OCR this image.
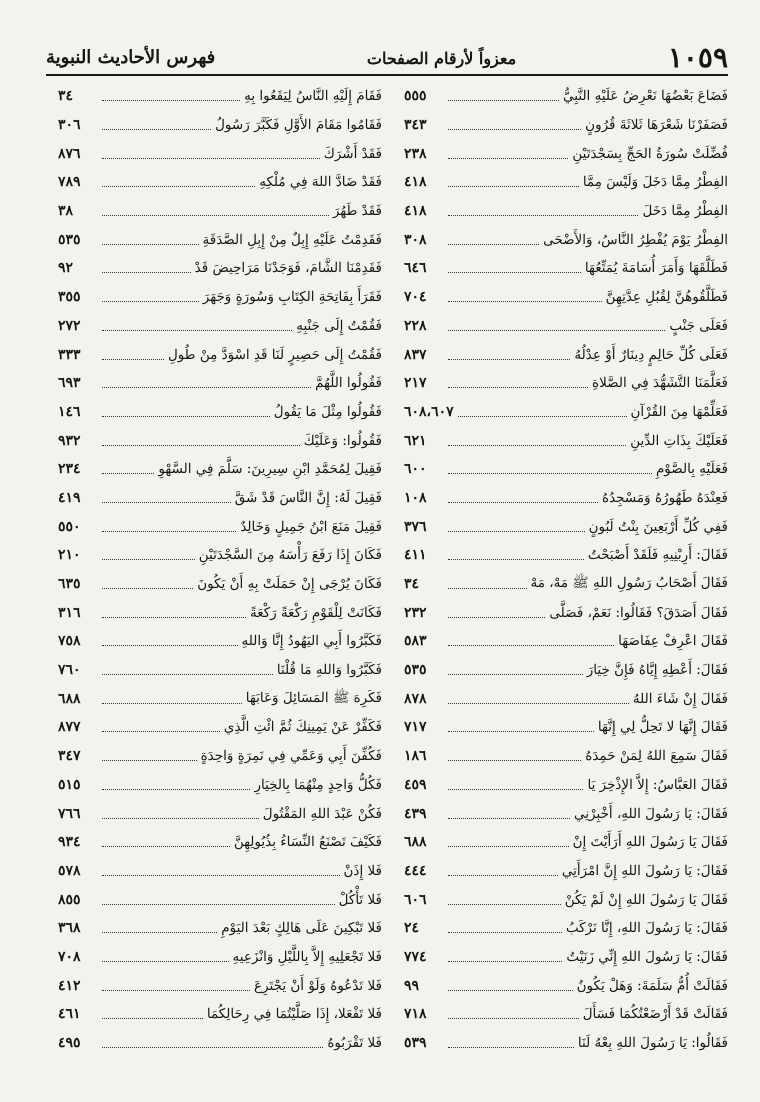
فهرس الأحاديث النبوية	معزواً لأرقام الصفحات	١٠٥٩
فَضَاعَ بَعْضُهَا نَعْرِضُ عَلَيْهِ النَّبِيُّ
٥٥٥
فَصَفَرْنَا شَعْرَهَا ثَلاثَةَ قُرُونٍ
٣٤٣
فُضِّلَتْ سُورَةُ الحَجِّ بِسَجْدَتَيْنِ
٢٣٨
الفِطْرُ مِمَّا دَخَلَ وَلَيْسَ مِمَّا
٤١٨
الفِطْرُ مِمَّا دَخَلَ
٤١٨
الفِطْرُ يَوْمَ يُفْطِرُ النَّاسُ، وَالأَضْحَى
٣٠٨
فَطَلَّقَهَا وَأَمَرَ أُسَامَةَ يُمَتِّعُهَا
٦٤٦
فَطَلَّقُوهُنَّ لِقُبُلِ عِدَّتِهِنَّ
٧٠٤
فَعَلَى جَنْبٍ
٢٢٨
فَعَلَى كُلِّ حَالِمٍ دِينَارٌ أَوْ عِدْلُهُ
٨٣٧
فَعَلَّمَنَا التَّشَهُّدَ فِي الصَّلاةِ
٢١٧
فَعَلِّمْهَا مِنَ القُرْآنِ
٦٠٨،٦٠٧
فَعَلَيْكَ بِذَاتِ الدِّينِ
٦٢١
فَعَلَيْهِ بِالصَّوْمِ
٦٠٠
فَعِنْدَهُ طَهُورُهُ وَمَسْجِدُهُ
١٠٨
فَفِي كُلِّ أَرْبَعِينَ بِنْتُ لَبُونٍ
٣٧٦
فَقَالَ: أَرِبْنِيهِ فَلَقَدْ أَصْبَحْتُ
٤١١
فَقَالَ أَصْحَابُ رَسُولِ اللهِ ﷺ مَهْ، مَهْ
٣٤
فَقَالَ أَصَدَقَ؟ فَقَالُوا: نَعَمْ، فَصَلَّى
٢٣٢
فَقَالَ اعْرِفْ عِفَاصَهَا
٥٨٣
فَقَالَ: أَعْطِهِ إِيَّاهُ فَإِنَّ خِيَارَ
٥٣٥
فَقَالَ إِنْ شَاءَ اللهُ
٨٧٨
فَقَالَ إِنَّهَا لا تَحِلُّ لِي إِنَّهَا
٧١٧
فَقَالَ سَمِعَ اللهُ لِمَنْ حَمِدَهُ
١٨٦
فَقَالَ العَبَّاسُ: إِلاَّ الإِذْخِرَ يَا
٤٥٩
فَقَالَ: يَا رَسُولَ اللهِ، أَخْبِرْنِي
٤٣٩
فَقَالَ يَا رَسُولَ اللهِ أَرَأَيْتَ إِنْ
٦٨٨
فَقَالَ: يَا رَسُولَ اللهِ إِنَّ امْرَأَتِي
٤٤٤
فَقَالَ يَا رَسُولَ اللهِ إِنْ لَمْ يَكُنْ
٦٠٦
فَقَالَ: يَا رَسُولَ اللهِ، إِنَّا نَرْكَبُ
٢٤
فَقَالَ: يَا رَسُولَ اللهِ إِنِّي زَنَيْتُ
٧٧٤
فَقَالَتْ أُمُّ سَلَمَةَ: وَهَلْ يَكُونُ
٩٩
فَقَالَتْ قَدْ أَرْضَعْتُكُمَا فَسَأَلَ
٧١٨
فَقَالُوا: يَا رَسُولَ اللهِ بِعْهُ لَنَا
٥٣٩
فَقَامَ إِلَيْهِ النَّاسُ لِيَقَعُوا بِهِ
٣٤
فَقَامُوا مَقَامَ الأَوَّلِ فَكَبَّرَ رَسُولُ
٣٠٦
فَقَدْ أَشْرَكَ
٨٧٦
فَقَدْ ضَادَّ اللهَ فِي مُلْكِهِ
٧٨٩
فَقَدْ طَهُرَ
٣٨
فَقَدِمْتُ عَلَيْهِ إِبِلٌ مِنْ إِبِلِ الصَّدَقَةِ
٥٣٥
فَقَدِمْنَا الشَّامَ، فَوَجَدْنَا مَرَاحِيضَ قَدْ
٩٢
فَقَرَأَ بِفَاتِحَةِ الكِتَابِ وَسُورَةٍ وَجَهَرَ
٣٥٥
فَقُمْتُ إِلَى جَنْبِهِ
٢٧٢
فَقُمْتُ إِلَى حَصِيرٍ لَنَا قَدِ اسْوَدَّ مِنْ طُولِ
٣٣٣
فَقُولُوا اللَّهُمَّ
٦٩٣
فَقُولُوا مِثْلَ مَا يَقُولُ
١٤٦
فَقُولُوا: وَعَلَيْكَ
٩٣٢
فَقِيلَ لِمُحَمَّدِ ابْنِ سِيرِينَ: سَلَّمَ فِي السَّهْوِ
٢٣٤
فَقِيلَ لَهُ: إِنَّ النَّاسَ قَدْ شَقَّ
٤١٩
فَقِيلَ مَنَعَ ابْنُ جَمِيلٍ وَخَالِدٌ
٥٥٠
فَكَانَ إِذَا رَفَعَ رَأْسَهُ مِنَ السَّجْدَتَيْنِ
٢١٠
فَكَانَ يُرْجَى إِنْ حَمَلَتْ بِهِ أَنْ يَكُونَ
٦٣٥
فَكَانَتْ لِلْقَوْمِ رَكْعَةً رَكْعَةً
٣١٦
فَكَبَّرُوا أَبِي اليَهُودُ إِنَّا وَاللهِ
٧٥٨
فَكَبَّرُوا وَاللهِ مَا قُلْنَا
٧٦٠
فَكَرِهَ ﷺ المَسَائِلَ وَعَابَهَا
٦٨٨
فَكَفِّرْ عَنْ يَمِينِكَ ثُمَّ ائْتِ الَّذِي
٨٧٧
فَكُفِّنَ أَبِي وَعَمِّي فِي نَمِرَةٍ وَاحِدَةٍ
٣٤٧
فَكُلُّ وَاحِدٍ مِنْهُمَا بِالخِيَارِ
٥١٥
فَكُنْ عَبْدَ اللهِ المَقْتُولَ
٧٦٦
فَكَيْفَ تَصْنَعُ النِّسَاءُ بِذُيُولِهِنَّ
٩٣٤
فَلا إِذَنْ
٥٧٨
فَلا تَأْكُلْ
٨٥٥
فَلا تَبْكِينَ عَلَى هَالِكٍ بَعْدَ اليَوْمِ
٣٦٨
فَلا تَجْعَلِيهِ إِلاَّ بِاللَّيْلِ وَانْزَعِيهِ
٧٠٨
فَلا تَدْعُوهُ وَلَوْ أَنْ يَجْتَرِعَ
٤١٢
فَلا تَفْعَلا، إِذَا صَلَّيْتُمَا فِي رِحَالِكُمَا
٤٦١
فَلا تَقْرَبُوهُ
٤٩٥
